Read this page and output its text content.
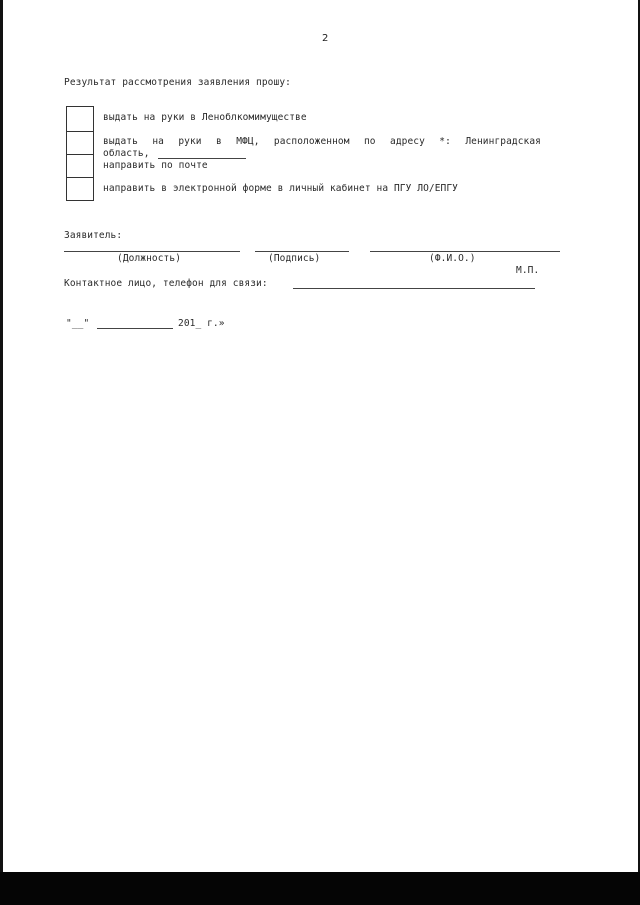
2
Результат рассмотрения заявления прошу:
выдать на руки в Леноблкомимуществе
выдать на руки в МФЦ, расположенном по адресу *: Ленинградская
область,
направить по почте
направить в электронной форме в личный кабинет на ПГУ ЛО/ЕПГУ
Заявитель:
(Должность)	(Подпись)	(Ф.И.О.)
М.П.
Контактное лицо, телефон для связи:
"__"	201_ г.»
